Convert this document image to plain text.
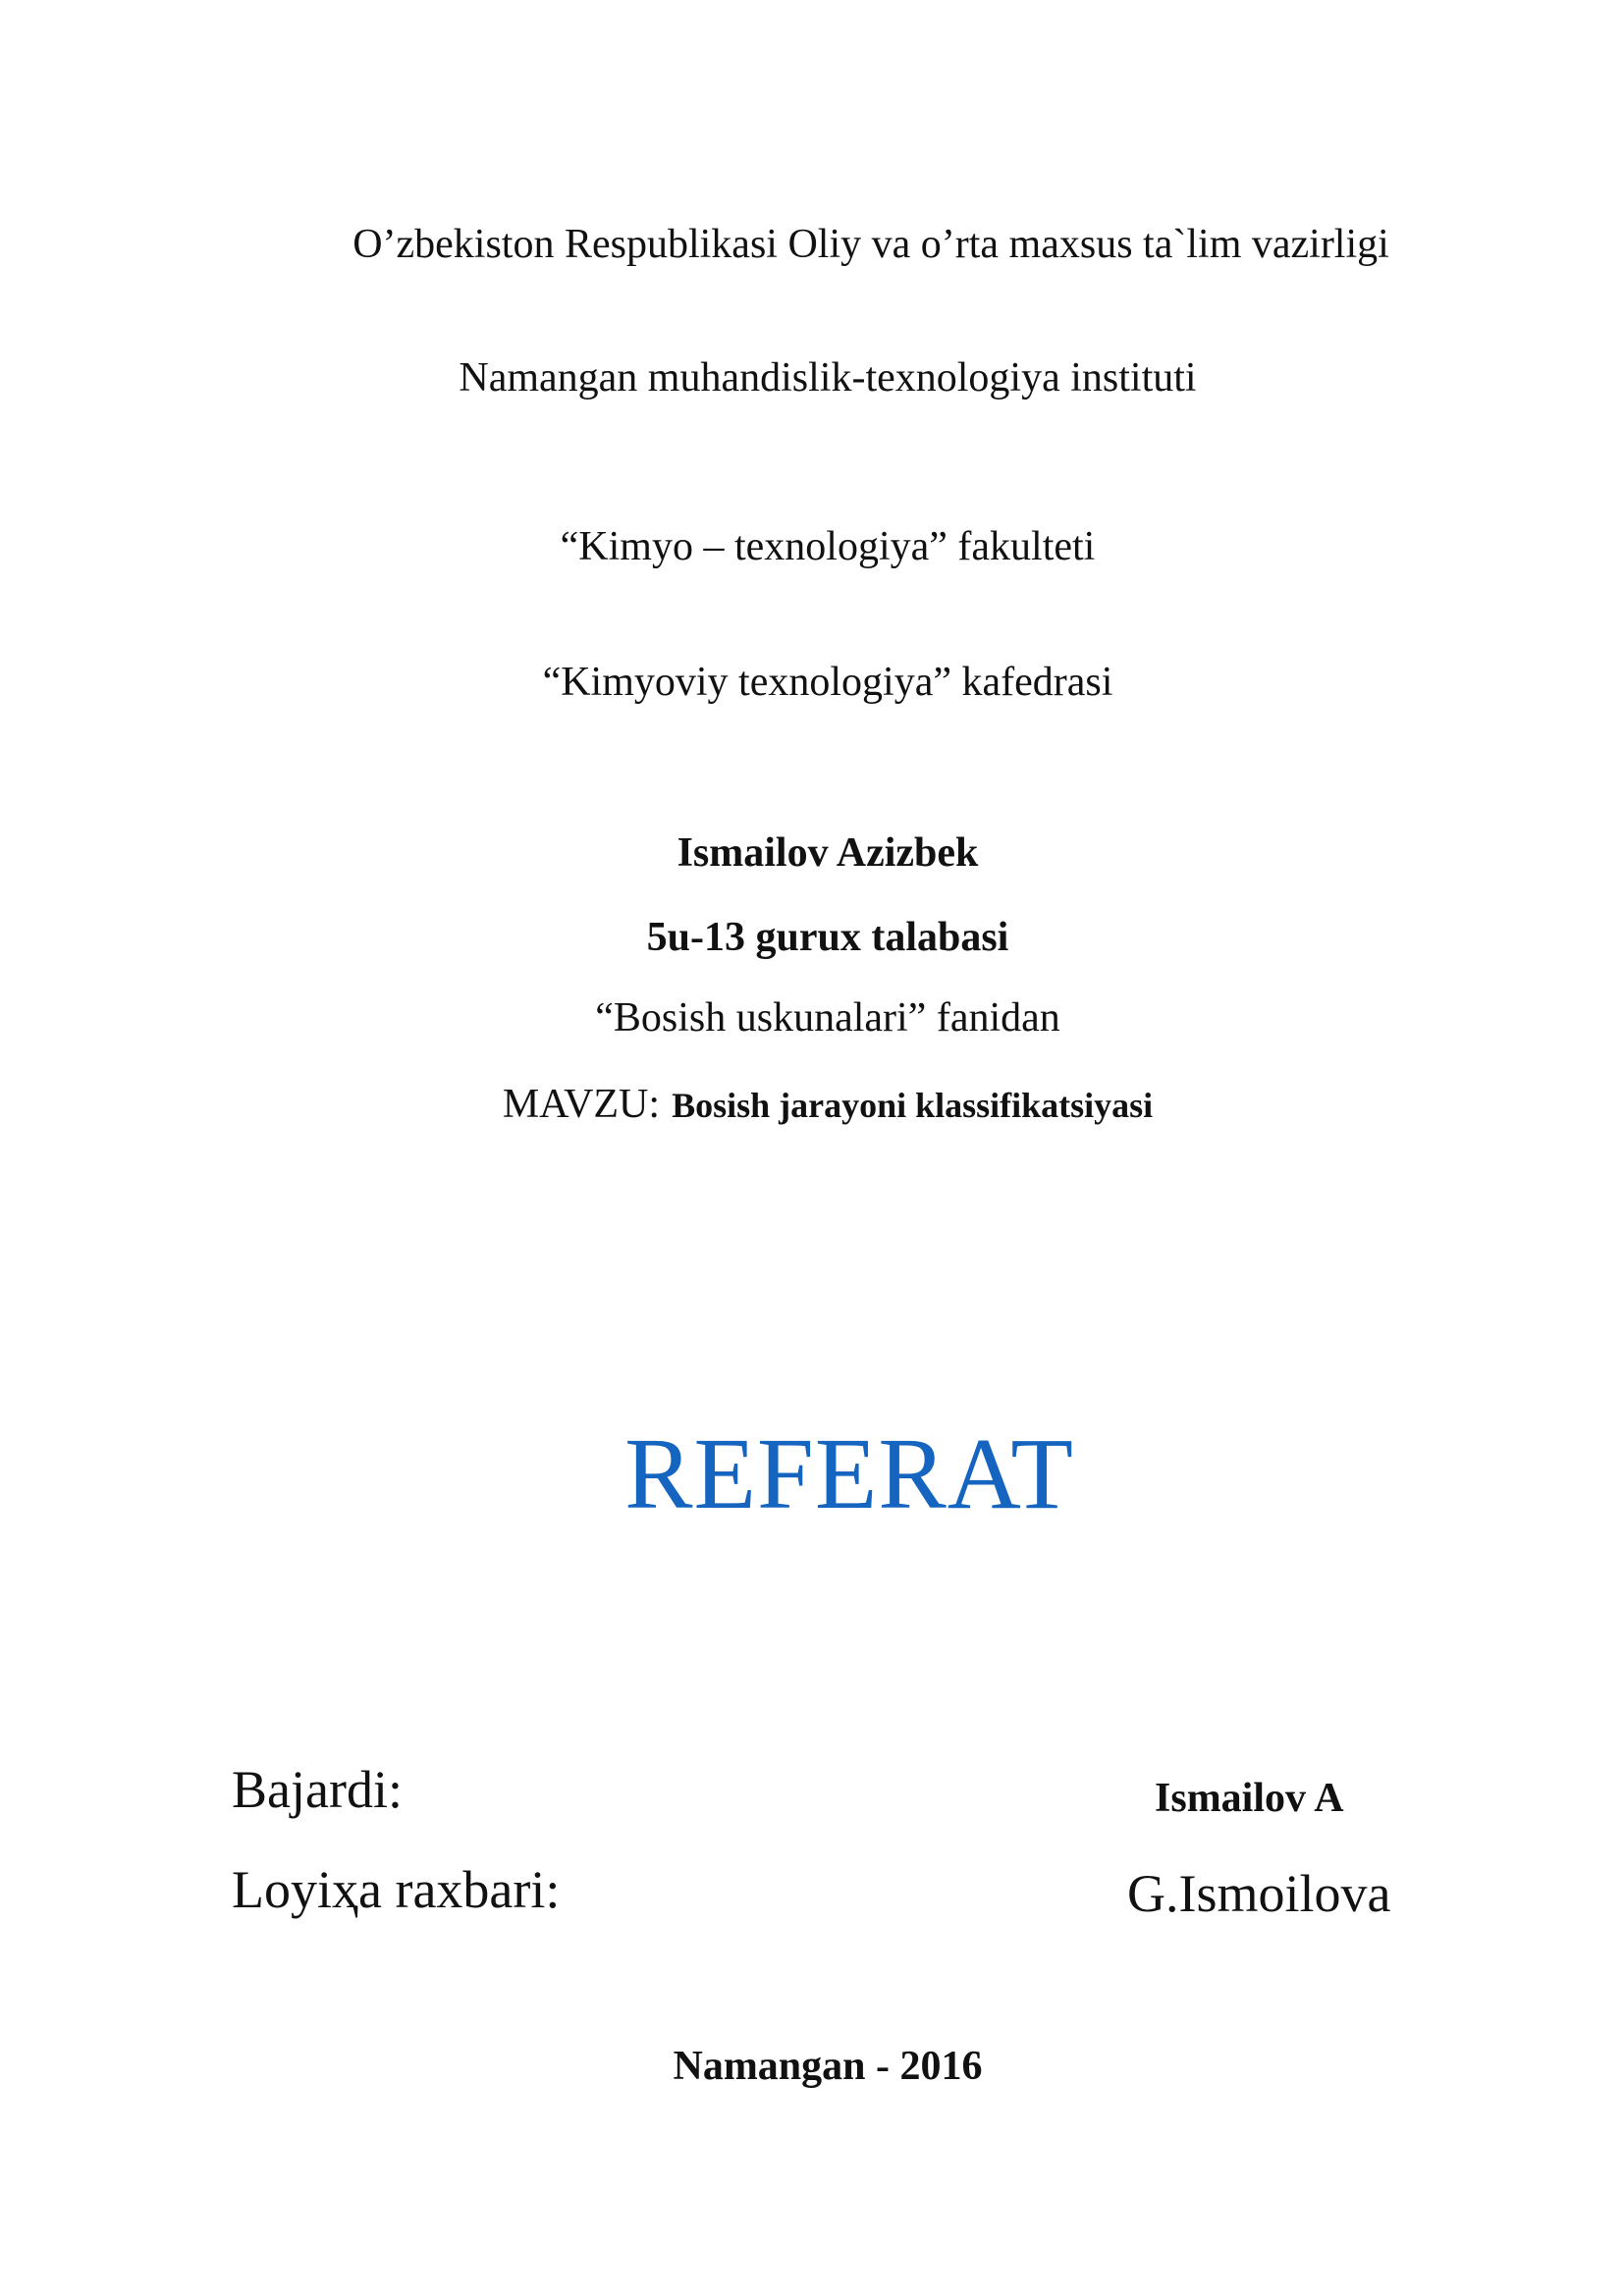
O’zbekiston Respublikasi Oliy va o’rta maxsus ta`lim vazirligi
Namangan muhandislik-texnologiya instituti
“Kimyo – texnologiya” fakulteti
“Kimyoviy texnologiya” kafedrasi
Ismailov Azizbek
5u-13 gurux talabasi
“Bosish uskunalari” fanidan
MAVZU: Bosish jarayoni klassifikatsiyasi
REFERAT
Bajardi:	Ismailov A
Loyiҳa raxbari:	G.Ismoilova
Namangan - 2016
